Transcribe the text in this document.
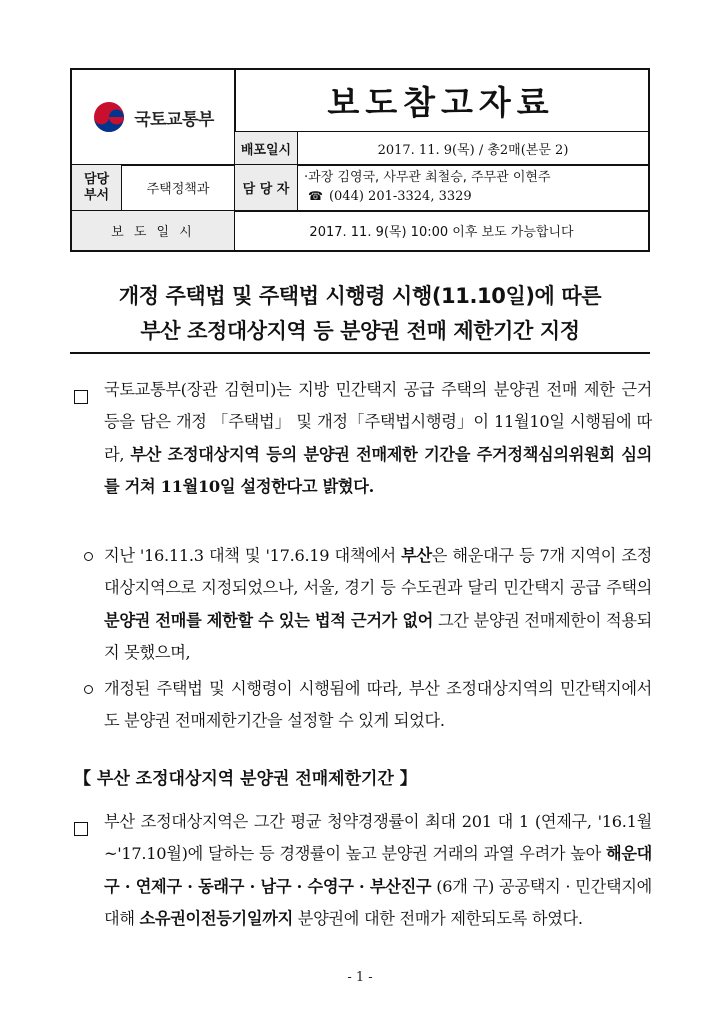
국토교통부	보도참고자료
배포일시	2017. 11. 9(목) / 총2매(본문 2)
담당
부서	주택정책과	담 당 자
·과장 김영국, 사무관 최철승, 주무관 이현주
☎ (044) 201-3324, 3329
보 도 일 시	2017. 11. 9(목) 10:00 이후 보도 가능합니다
개정 주택법 및 주택법 시행령 시행(11.10일)에 따른
부산 조정대상지역 등 분양권 전매 제한기간 지정
국토교통부(장관 김현미)는 지방 민간택지 공급 주택의 분양권 전매 제한 근거 등을 담은 개정 「주택법」 및 개정「주택법시행령」이 11월10일 시행됨에 따라, 부산 조정대상지역 등의 분양권 전매제한 기간을 주거정책심의위원회 심의를 거쳐 11월10일 설정한다고 밝혔다.
지난 '16.11.3 대책 및 '17.6.19 대책에서 부산은 해운대구 등 7개 지역이 조정대상지역으로 지정되었으나, 서울, 경기 등 수도권과 달리 민간택지 공급 주택의 분양권 전매를 제한할 수 있는 법적 근거가 없어 그간 분양권 전매제한이 적용되지 못했으며,
개정된 주택법 및 시행령이 시행됨에 따라, 부산 조정대상지역의 민간택지에서도 분양권 전매제한기간을 설정할 수 있게 되었다.
【 부산 조정대상지역 분양권 전매제한기간 】
부산 조정대상지역은 그간 평균 청약경쟁률이 최대 201 대 1 (연제구, '16.1월~'17.10월)에 달하는 등 경쟁률이 높고 분양권 거래의 과열 우려가 높아 해운대구 · 연제구 · 동래구 · 남구 · 수영구 · 부산진구 (6개 구) 공공택지 · 민간택지에 대해 소유권이전등기일까지 분양권에 대한 전매가 제한되도록 하였다.
- 1 -
